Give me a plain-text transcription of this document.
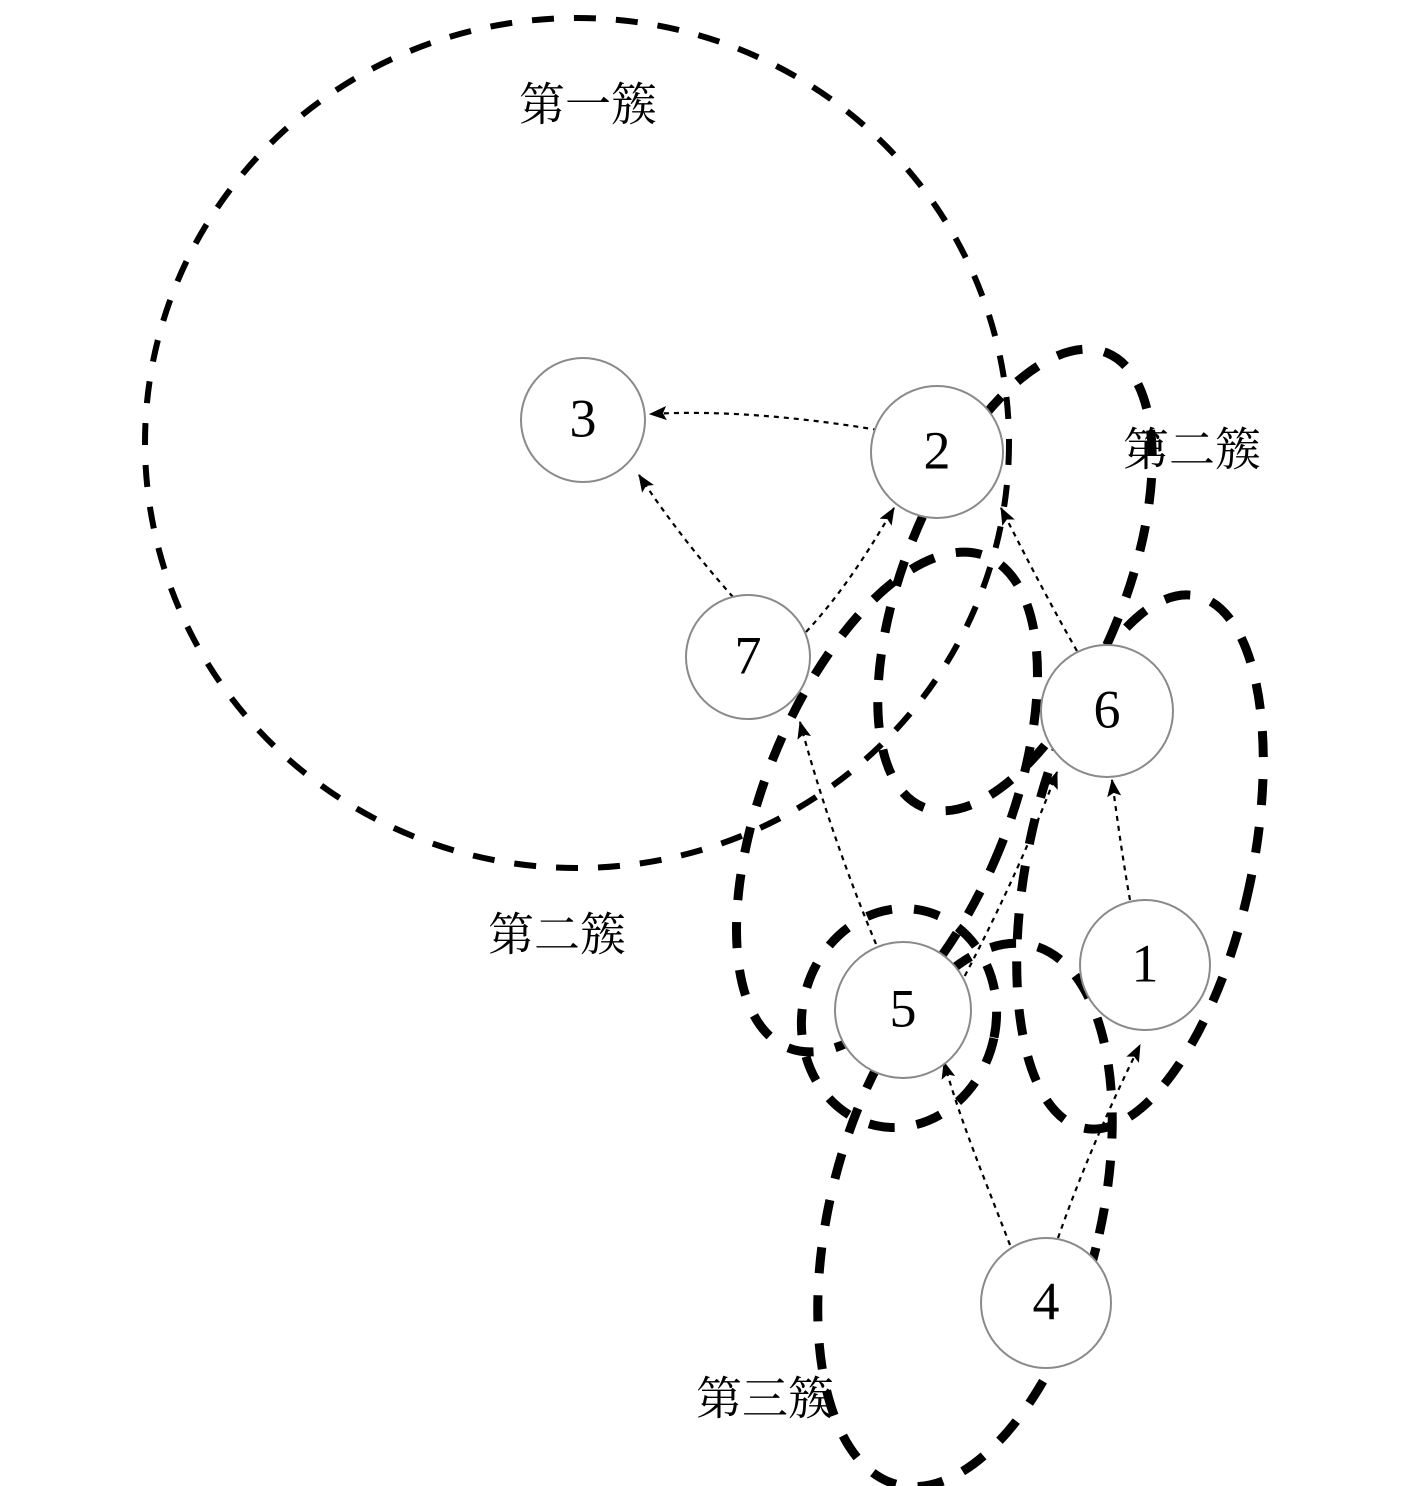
3
2
7
6
5
1
4
第一簇
第二簇
第二簇
第三簇
